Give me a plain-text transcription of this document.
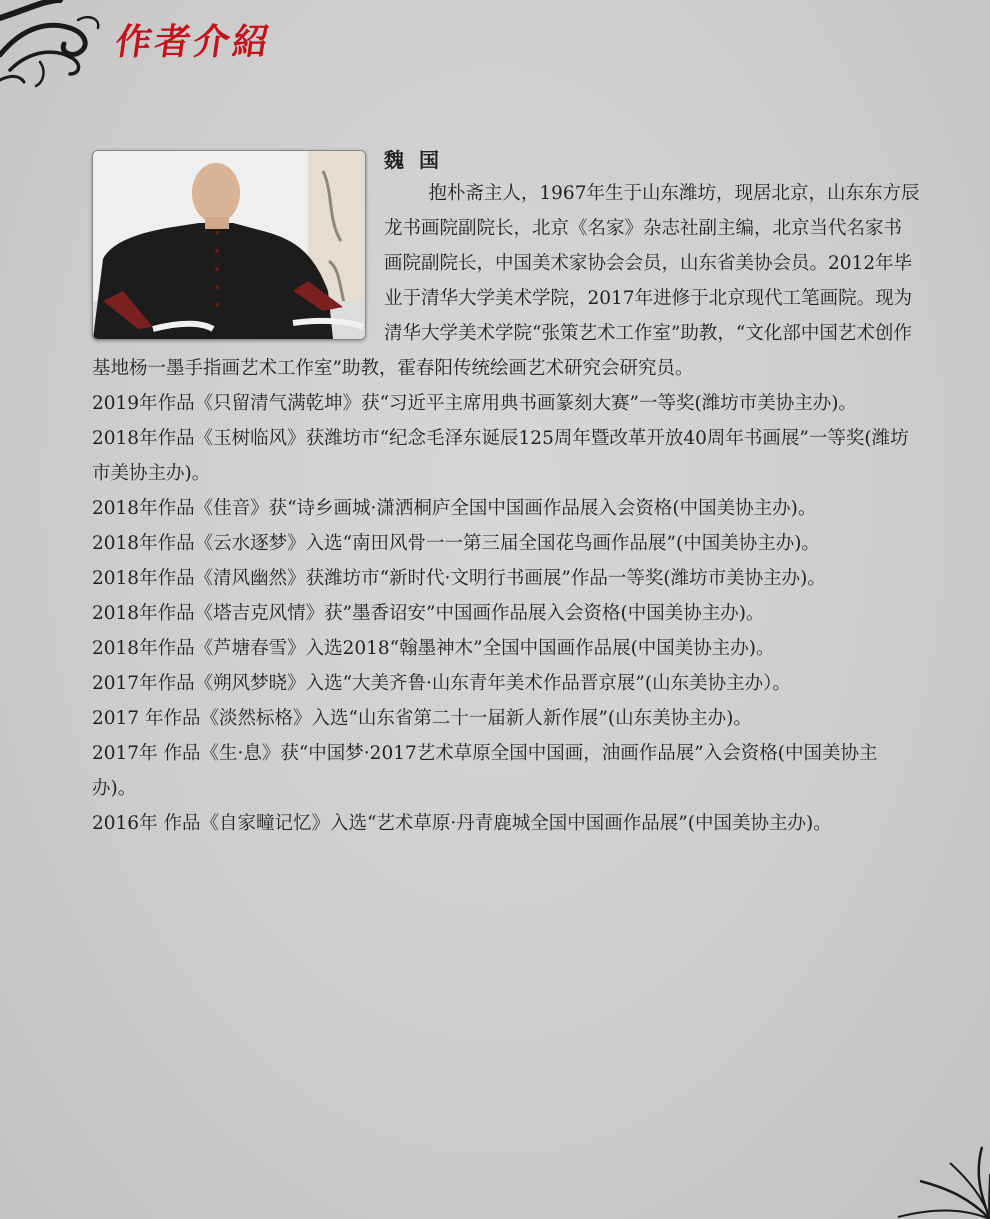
作者介紹
魏 国

抱朴斋主人，1967年生于山东潍坊，现居北京，山东东方辰龙书画院副院长，北京《名家》杂志社副主编，北京当代名家书画院副院长，中国美术家协会会员，山东省美协会员。2012年毕业于清华大学美术学院，2017年进修于北京现代工笔画院。现为清华大学美术学院“张策艺术工作室”助教，“文化部中国艺术创作基地杨一墨手指画艺术工作室”助教，霍春阳传统绘画艺术研究会研究员。

2019年作品《只留清气满乾坤》获“习近平主席用典书画篆刻大赛”一等奖(潍坊市美协主办)。
2018年作品《玉树临风》获潍坊市“纪念毛泽东诞辰125周年暨改革开放40周年书画展”一等奖(潍坊市美协主办)。
2018年作品《佳音》获“诗乡画城·潇洒桐庐全国中国画作品展入会资格(中国美协主办)。
2018年作品《云水逐梦》入选“南田风骨一一第三届全国花鸟画作品展”(中国美协主办)。
2018年作品《清风幽然》获潍坊市“新时代·文明行书画展”作品一等奖(潍坊市美协主办)。
2018年作品《塔吉克风情》获”墨香诏安”中国画作品展入会资格(中国美协主办)。
2018年作品《芦塘春雪》入选2018“翰墨神木”全国中国画作品展(中国美协主办)。
2017年作品《朔风梦晓》入选“大美齐鲁·山东青年美术作品晋京展”(山东美协主办）。
2017 年作品《淡然标格》入选“山东省第二十一届新人新作展”(山东美协主办)。
2017年 作品《生·息》获“中国梦·2017艺术草原全国中国画，油画作品展”入会资格(中国美协主办)。
2016年 作品《自家疃记忆》入选“艺术草原·丹青鹿城全国中国画作品展”(中国美协主办)。
